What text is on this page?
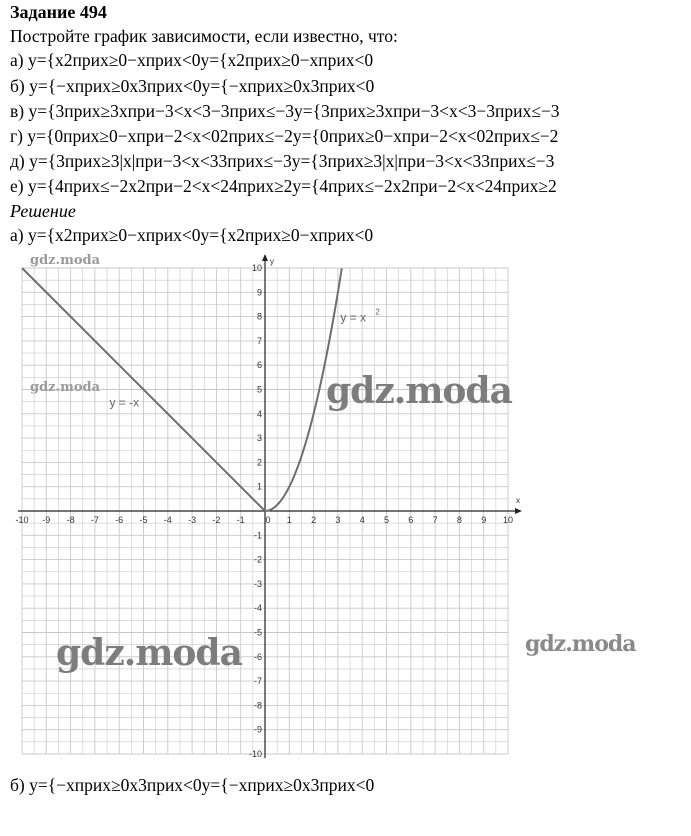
Задание 494
Постройте график зависимости, если известно, что:
а) y={x2прих≥0−xприх<0y={x2прих≥0−xприх<0
б) y={−xприх≥0x3прих<0y={−xприх≥0x3прих<0
в) y={3прих≥3xпри−3<x<3−3прих≤−3y={3прих≥3xпри−3<x<3−3прих≤−3
г) y={0прих≥0−xпри−2<x<02прих≤−2y={0прих≥0−xпри−2<x<02прих≤−2
д) y={3прих≥3|x|при−3<x<33прих≤−3y={3прих≥3|x|при−3<x<33прих≤−3
е) y={4прих≤−2x2при−2<x<24прих≥2y={4прих≤−2x2при−2<x<24прих≥2
Решение
а) y={x2прих≥0−xприх<0y={x2прих≥0−xприх<0
x
y
-10 -9 -8 -7 -6 -5 -4 -3 -2 -1 0 1 2 3 4 5 6 7 8 9 10
10
9
8
7
6
5
4
3
2
1
-1
-2
-3
-4
-5
-6
-7
-8
-9
-10
y = -x
y = x 2
gdz.moda
gdz.moda	gdz.moda
gdz.moda	gdz.moda
б) y={−xприх≥0x3прих<0y={−xприх≥0x3прих<0
